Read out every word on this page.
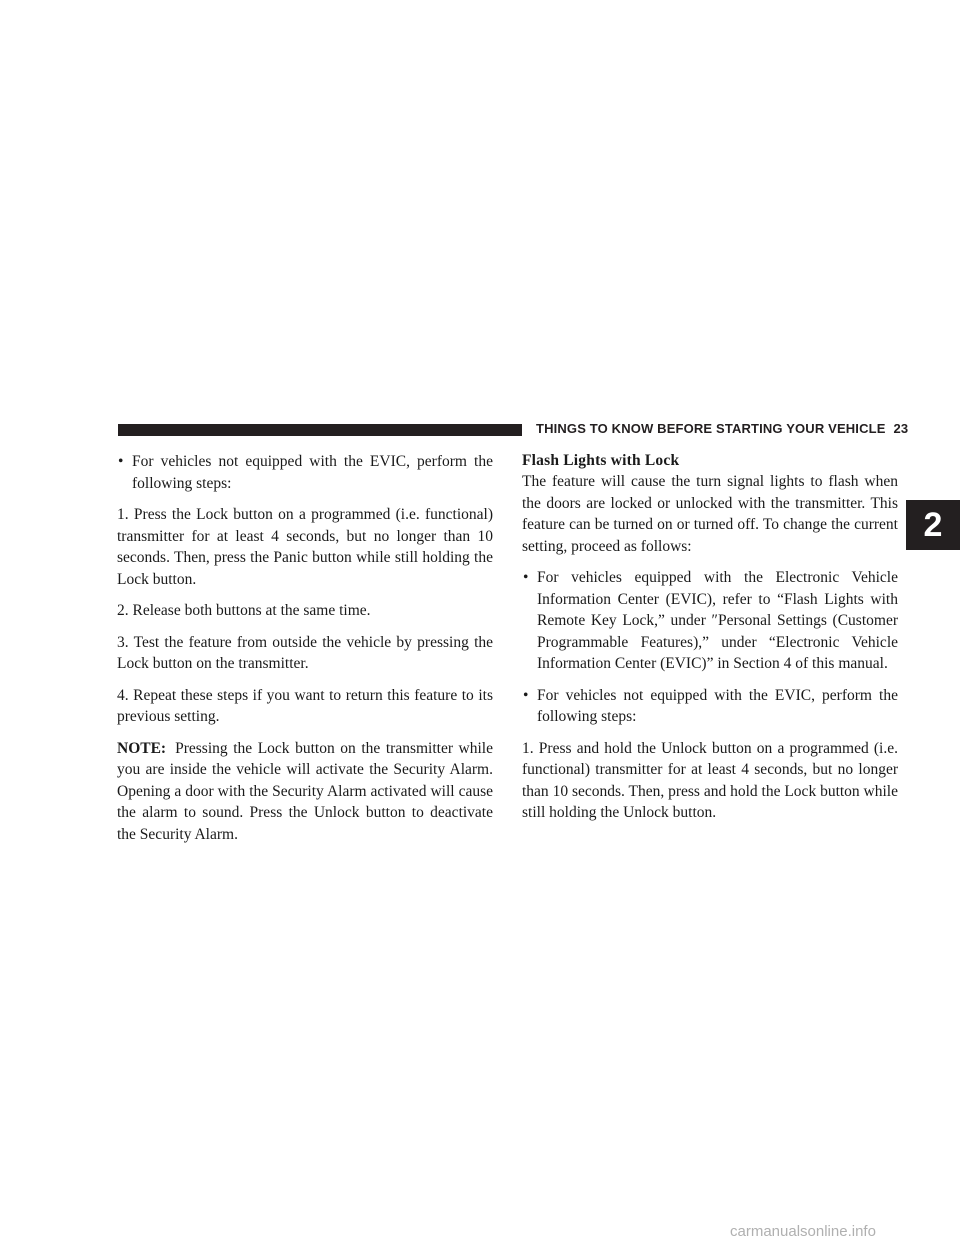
THINGS TO KNOW BEFORE STARTING YOUR VEHICLE 23
2
• For vehicles not equipped with the EVIC, perform the following steps:

1. Press the Lock button on a programmed (i.e. functional) transmitter for at least 4 seconds, but no longer than 10 seconds. Then, press the Panic button while still holding the Lock button.

2. Release both buttons at the same time.

3. Test the feature from outside the vehicle by pressing the Lock button on the transmitter.

4. Repeat these steps if you want to return this feature to its previous setting.

NOTE: Pressing the Lock button on the transmitter while you are inside the vehicle will activate the Security Alarm. Opening a door with the Security Alarm activated will cause the alarm to sound. Press the Unlock button to deactivate the Security Alarm.

Flash Lights with Lock

The feature will cause the turn signal lights to flash when the doors are locked or unlocked with the transmitter. This feature can be turned on or turned off. To change the current setting, proceed as follows:

• For vehicles equipped with the Electronic Vehicle Information Center (EVIC), refer to “Flash Lights with Remote Key Lock,” under ″Personal Settings (Customer Programmable Features),” under “Electronic Vehicle Information Center (EVIC)” in Section 4 of this manual.
• For vehicles not equipped with the EVIC, perform the following steps:

1. Press and hold the Unlock button on a programmed (i.e. functional) transmitter for at least 4 seconds, but no longer than 10 seconds. Then, press and hold the Lock button while still holding the Unlock button.

carmanualsonline.info
